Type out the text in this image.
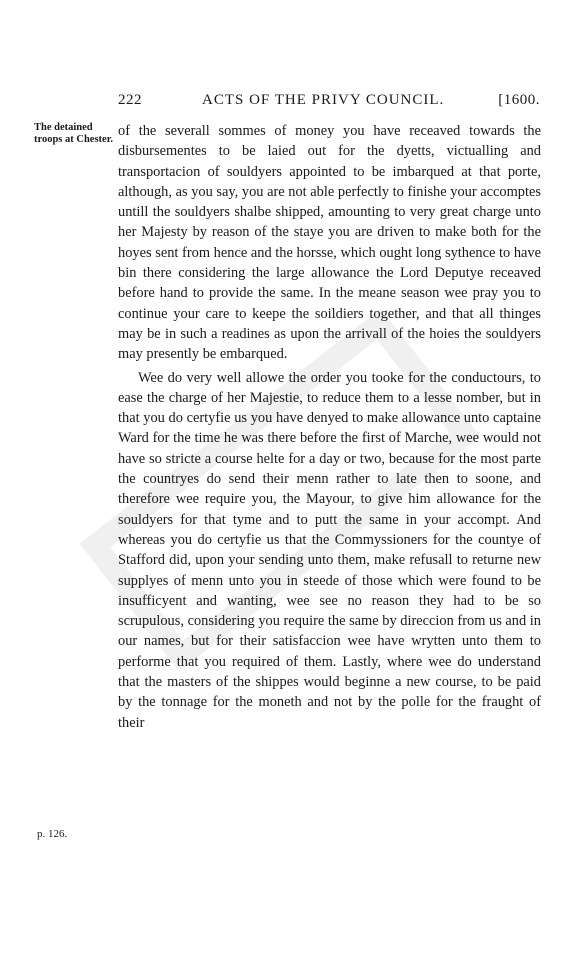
222	ACTS OF THE PRIVY COUNCIL.	[1600.
The detained troops at Chester.
p. 126.

of the severall sommes of money you have receaved towards the disbursementes to be laied out for the dyetts, victualling and transportacion of souldyers appointed to be imbarqued at that porte, although, as you say, you are not able perfectly to finishe your accomptes untill the souldyers shalbe shipped, amounting to very great charge unto her Majesty by reason of the staye you are driven to make both for the hoyes sent from hence and the horsse, which ought long sythence to have bin there considering the large allowance the Lord Deputye receaved before hand to provide the same. In the meane season wee pray you to continue your care to keepe the soildiers together, and that all thinges may be in such a readines as upon the arrivall of the hoies the souldyers may presently be embarqued.

Wee do very well allowe the order you tooke for the conductours, to ease the charge of her Majestie, to reduce them to a lesse nomber, but in that you do certyfie us you have denyed to make allowance unto captaine Ward for the time he was there before the first of Marche, wee would not have so stricte a course helte for a day or two, because for the most parte the countryes do send their menn rather to late then to soone, and therefore wee require you, the Mayour, to give him allowance for the souldyers for that tyme and to putt the same in your accompt. And whereas you do certyfie us that the Commyssioners for the countye of Stafford did, upon your sending unto them, make refusall to returne new supplyes of menn unto you in steede of those which were found to be insufficyent and wanting, wee see no reason they had to be so scrupulous, considering you require the same by direccion from us and in our names, but for their satisfaccion wee have wrytten unto them to performe that you required of them. Lastly, where wee do understand that the masters of the shippes would beginne a new course, to be paid by the tonnage for the moneth and not by the polle for the fraught of their
